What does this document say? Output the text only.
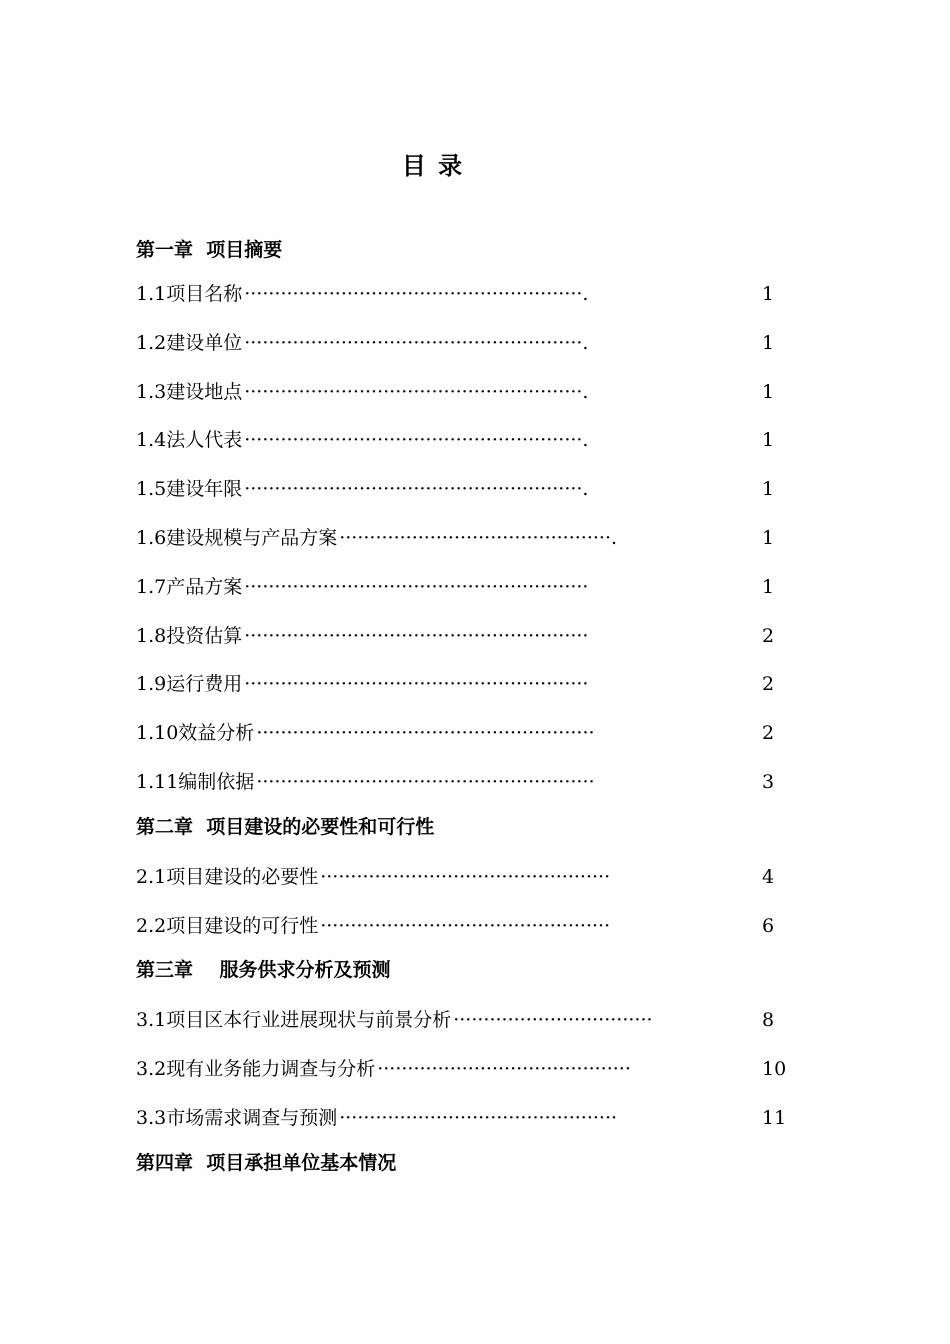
目 录
第一章  项目摘要
1.1项目名称 ························································.	1
1.2建设单位 ························································.	1
1.3建设地点 ························································.	1
1.4法人代表 ························································.	1
1.5建设年限 ························································.	1
1.6建设规模与产品方案 ·············································.	1
1.7产品方案 ·························································	1
1.8投资估算 ·························································	2
1.9运行费用 ·························································	2
1.10效益分析 ························································	2
1.11编制依据 ························································	3
第二章  项目建设的必要性和可行性
2.1项目建设的必要性 ················································	4
2.2项目建设的可行性 ················································	6
第三章    服务供求分析及预测
3.1项目区本行业进展现状与前景分析 ·································	8
3.2现有业务能力调查与分析 ··········································	10
3.3市场需求调查与预测 ··············································	11
第四章  项目承担单位基本情况
